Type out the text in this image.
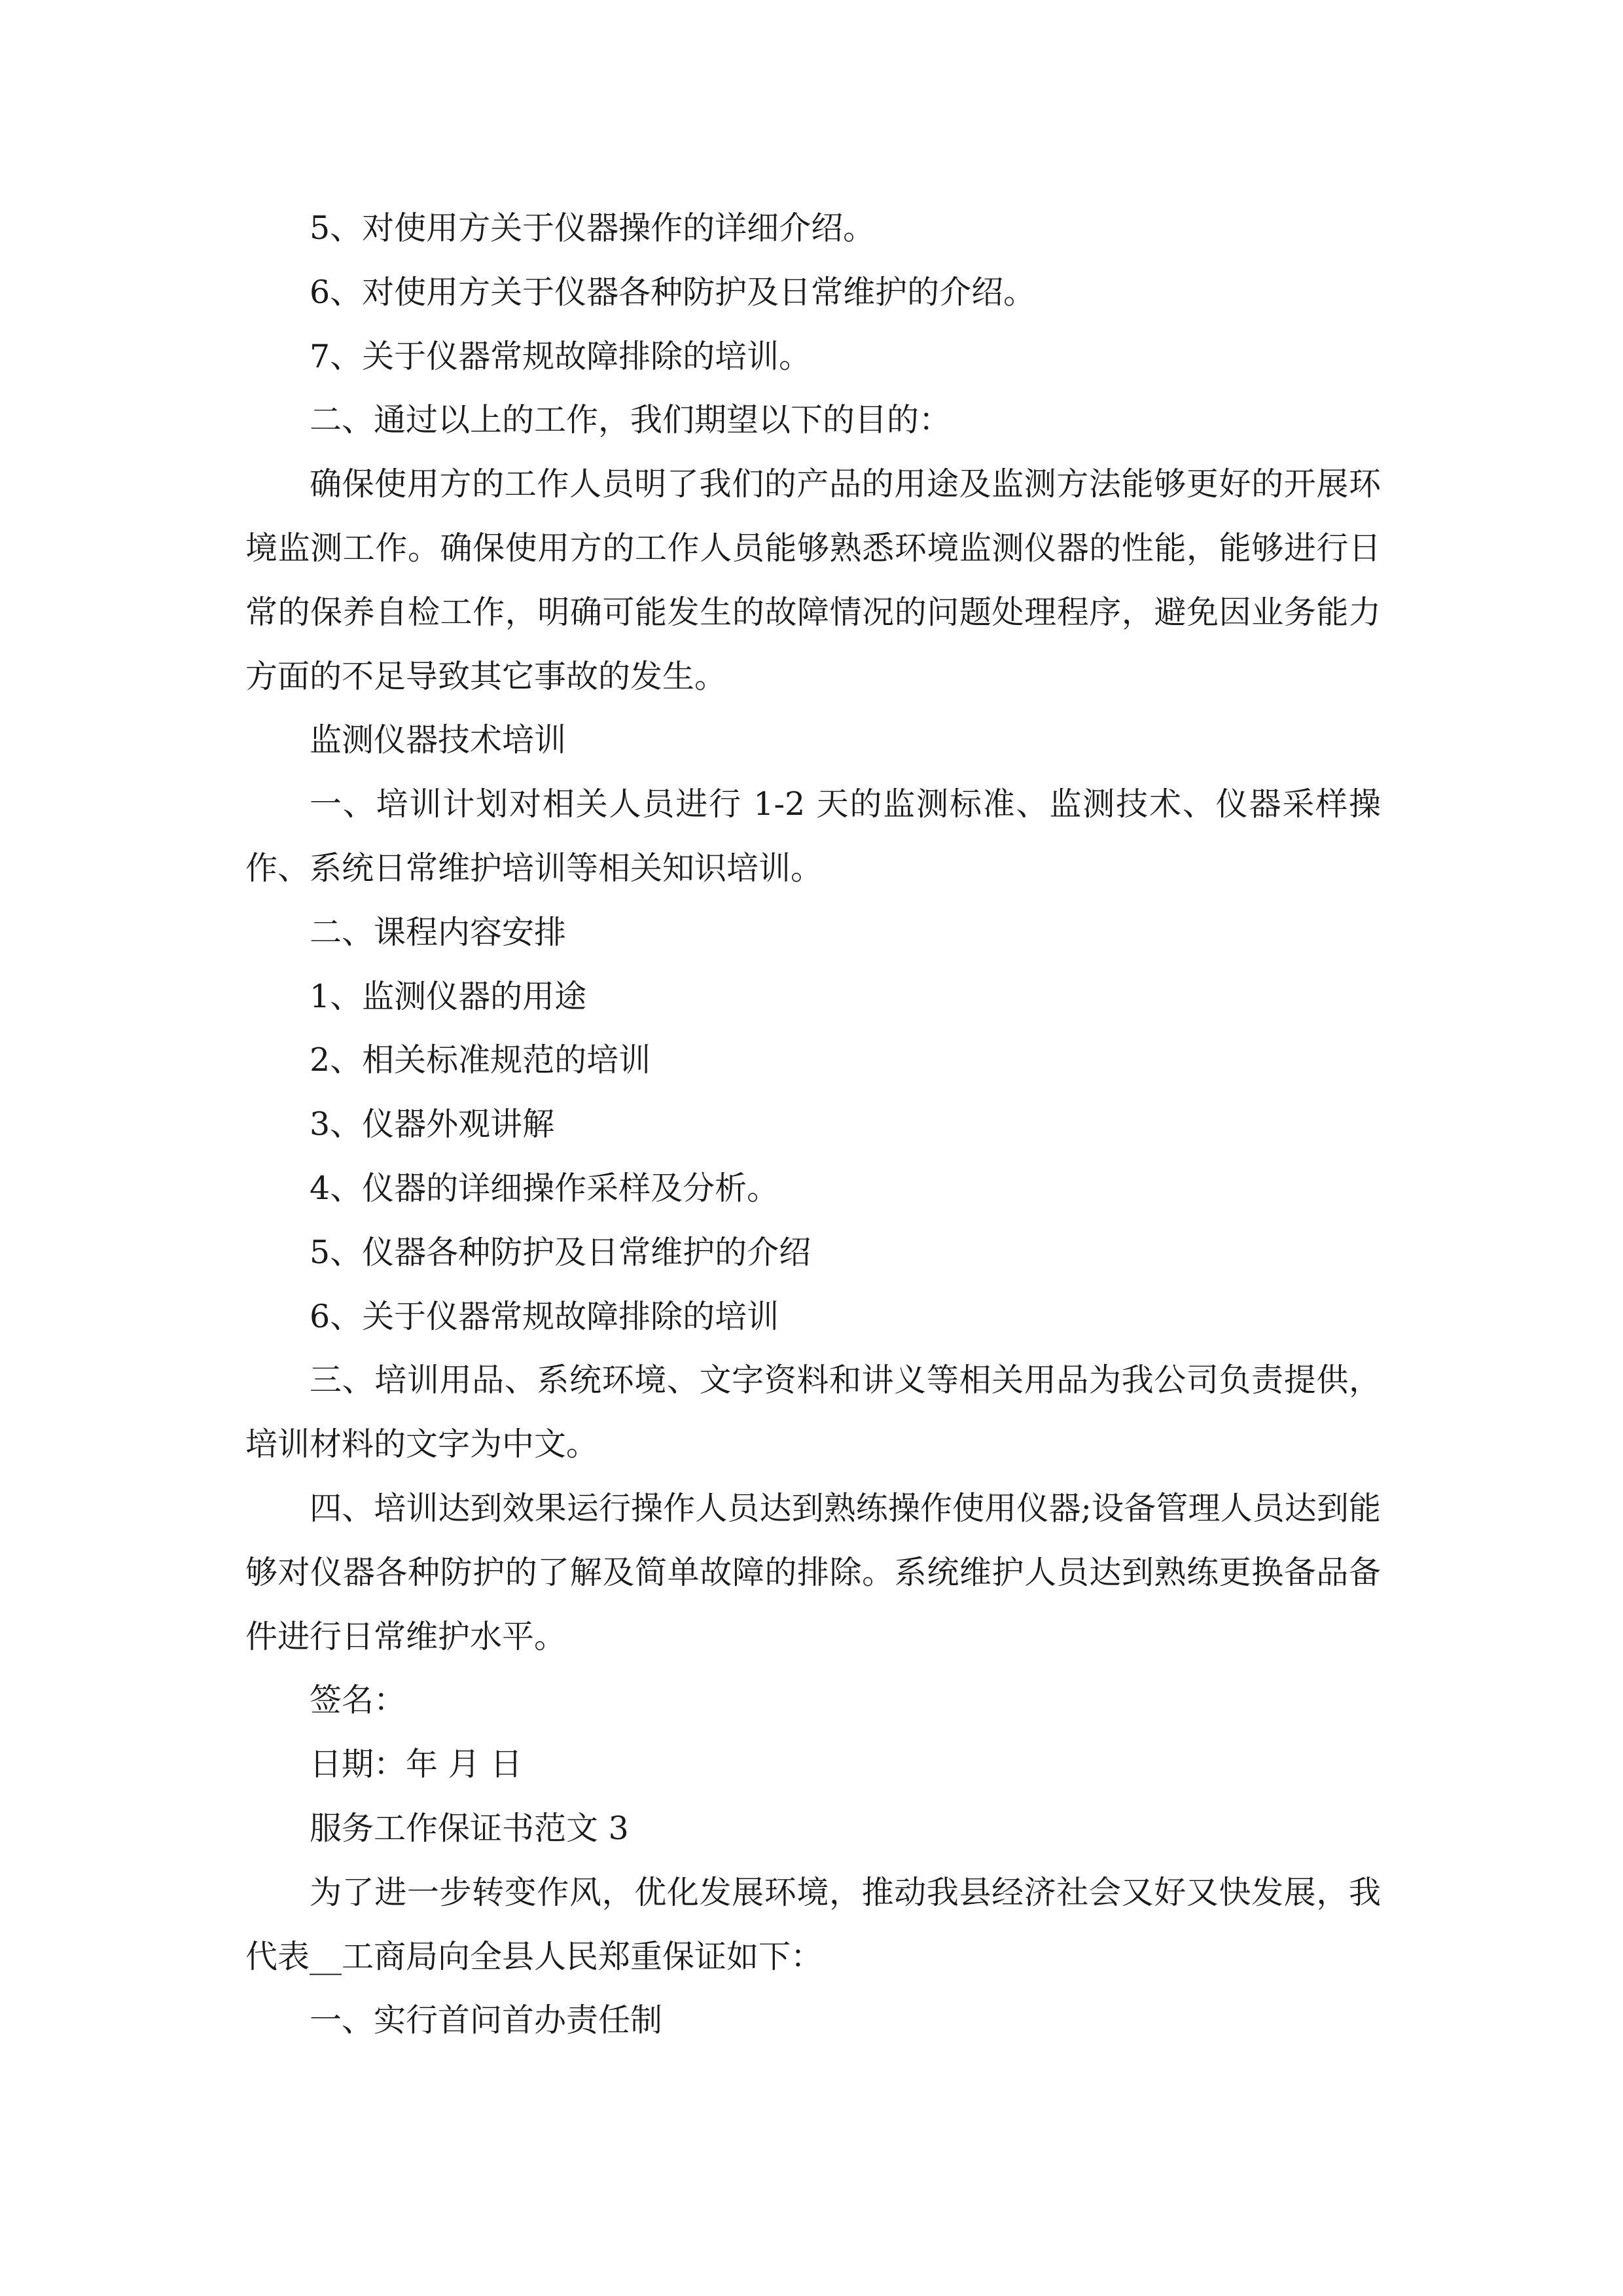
5、对使用方关于仪器操作的详细介绍。

6、对使用方关于仪器各种防护及日常维护的介绍。

7、关于仪器常规故障排除的培训。

二、通过以上的工作，我们期望以下的目的：

确保使用方的工作人员明了我们的产品的用途及监测方法能够更好的开展环境监测工作。确保使用方的工作人员能够熟悉环境监测仪器的性能，能够进行日常的保养自检工作，明确可能发生的故障情况的问题处理程序，避免因业务能力方面的不足导致其它事故的发生。

监测仪器技术培训

一、培训计划对相关人员进行 1-2 天的监测标准、监测技术、仪器采样操作、系统日常维护培训等相关知识培训。

二、课程内容安排

1、监测仪器的用途

2、相关标准规范的培训

3、仪器外观讲解

4、仪器的详细操作采样及分析。

5、仪器各种防护及日常维护的介绍

6、关于仪器常规故障排除的培训

三、培训用品、系统环境、文字资料和讲义等相关用品为我公司负责提供，培训材料的文字为中文。

四、培训达到效果运行操作人员达到熟练操作使用仪器;设备管理人员达到能够对仪器各种防护的了解及简单故障的排除。系统维护人员达到熟练更换备品备件进行日常维护水平。

签名：

日期：年 月 日

服务工作保证书范文 3

为了进一步转变作风，优化发展环境，推动我县经济社会又好又快发展，我代表__工商局向全县人民郑重保证如下：

一、实行首问首办责任制
